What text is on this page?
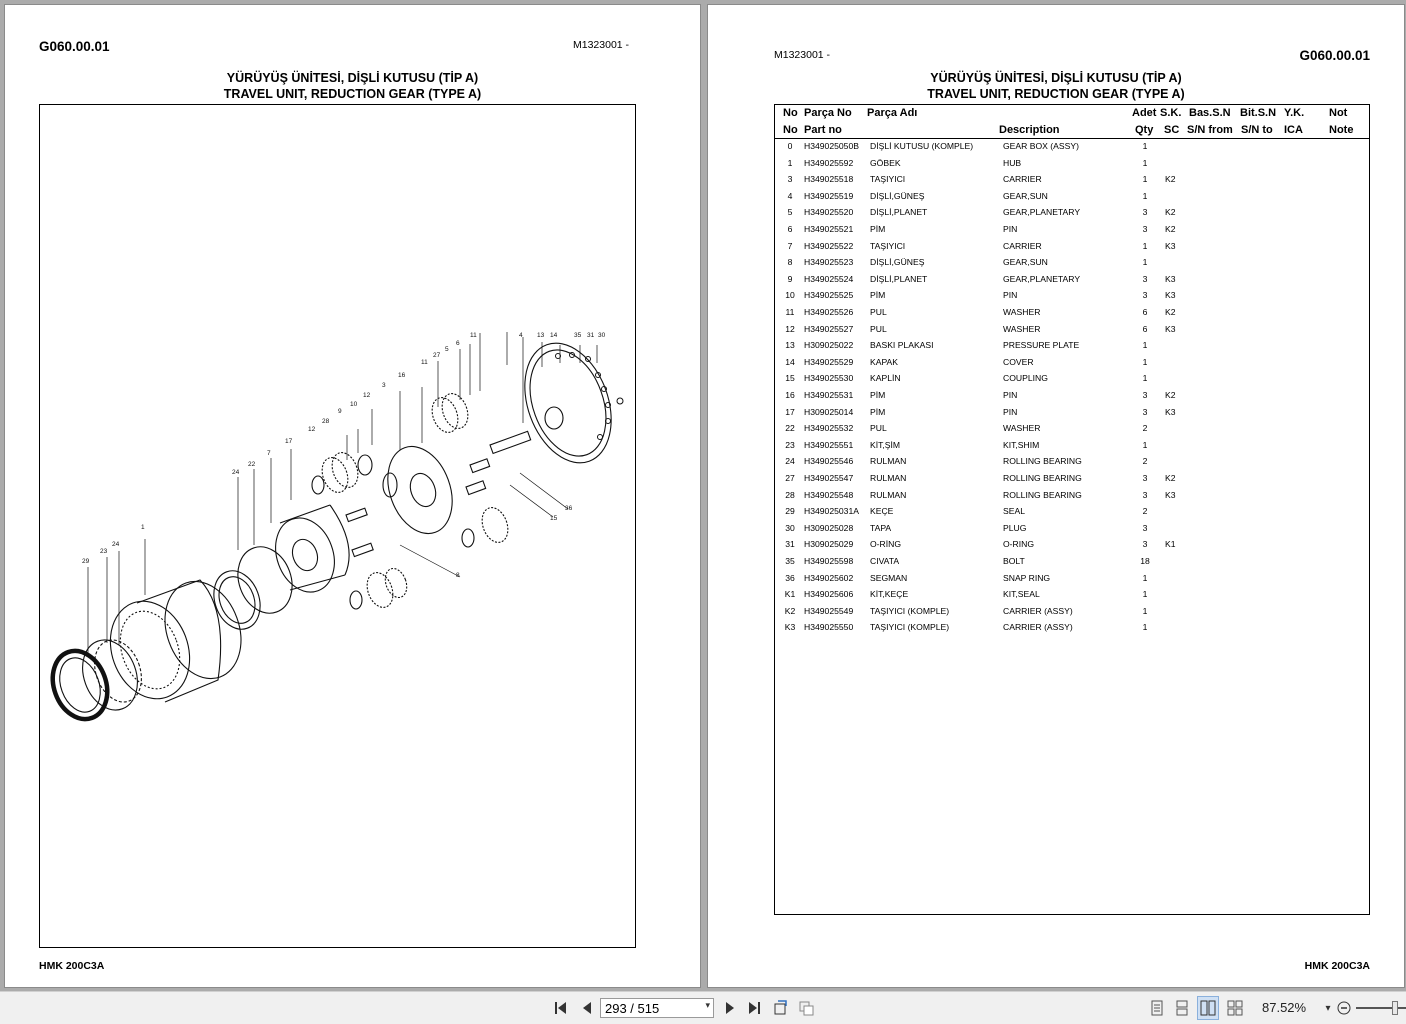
G060.00.01	M1323001 -
YÜRÜYÜŞ ÜNİTESİ, DİŞLİ KUTUSU (TİP A)
TRAVEL UNIT, REDUCTION GEAR (TYPE A)
11	4 13 14	35 31 30
6
5
27
11
16
3
12
10
9
28
12
17
7
22
24
1
24
23
29
36
15
8
HMK 200C3A
M1323001 -	G060.00.01
YÜRÜYÜŞ ÜNİTESİ, DİŞLİ KUTUSU (TİP A)
TRAVEL UNIT, REDUCTION GEAR (TYPE A)
No Parça No Parça Adı	Adet S.K. Bas.S.N Bit.S.N Y.K. Not
No Part no	Description	Qty SC S/N from S/N to ICA Note
0	H349025050B DİŞLİ KUTUSU (KOMPLE)	GEAR BOX (ASSY)	1
1	H349025592 GÖBEK	HUB	1
3	H349025518 TAŞIYICI	CARRIER	1	K2
4	H349025519 DİŞLİ,GÜNEŞ	GEAR,SUN	1
5	H349025520 DİŞLİ,PLANET	GEAR,PLANETARY	3	K2
6	H349025521 PİM	PIN	3	K2
7	H349025522 TAŞIYICI	CARRIER	1	K3
8	H349025523 DİŞLİ,GÜNEŞ	GEAR,SUN	1
9	H349025524 DİŞLİ,PLANET	GEAR,PLANETARY	3	K3
10	H349025525 PİM	PIN	3	K3
11	H349025526 PUL	WASHER	6	K2
12	H349025527 PUL	WASHER	6	K3
13	H309025022 BASKI PLAKASI	PRESSURE PLATE	1
14	H349025529 KAPAK	COVER	1
15	H349025530 KAPLİN	COUPLING	1
16	H349025531 PİM	PIN	3	K2
17	H309025014 PİM	PIN	3	K3
22	H349025532 PUL	WASHER	2
23	H349025551 KİT,ŞİM	KIT,SHIM	1
24	H349025546 RULMAN	ROLLING BEARING	2
27	H349025547 RULMAN	ROLLING BEARING	3	K2
28	H349025548 RULMAN	ROLLING BEARING	3	K3
29	H349025031A KEÇE	SEAL	2
30	H309025028 TAPA	PLUG	3
31	H309025029 O-RİNG	O-RING	3	K1
35	H349025598 CIVATA	BOLT	18
36	H349025602 SEGMAN	SNAP RING	1
K1	H349025606 KİT,KEÇE	KIT,SEAL	1
K2	H349025549 TAŞIYICI (KOMPLE)	CARRIER (ASSY)	1
K3	H349025550 TAŞIYICI (KOMPLE)	CARRIER (ASSY)	1
HMK 200C3A
293 / 515
▾	87.52% ▾
